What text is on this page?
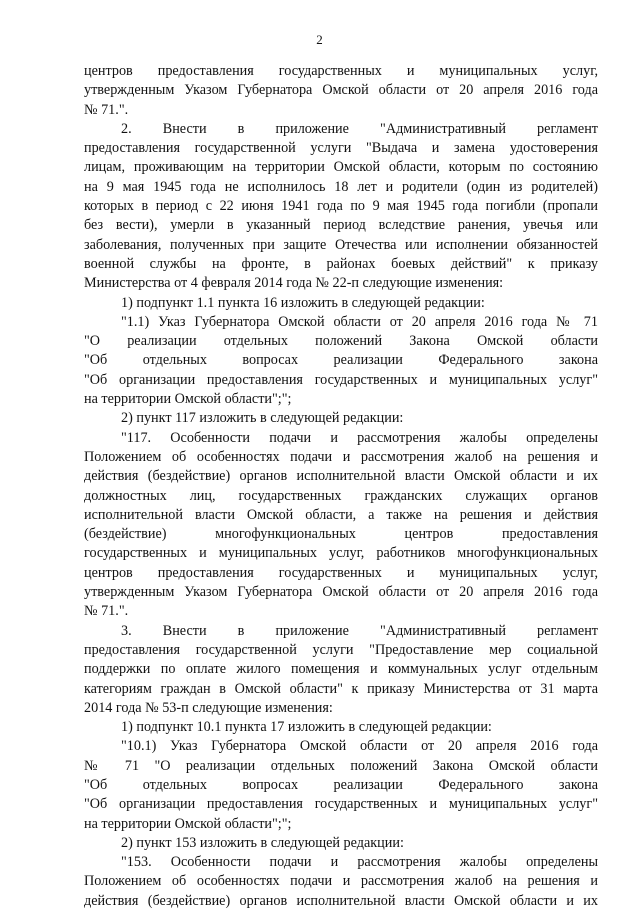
2
центров предоставления государственных и муниципальных услуг,
утвержденным Указом Губернатора Омской области от 20 апреля 2016 года
№ 71.".
2. Внести в приложение "Административный регламент
предоставления государственной услуги "Выдача и замена удостоверения
лицам, проживающим на территории Омской области, которым по состоянию
на 9 мая 1945 года не исполнилось 18 лет и родители (один из родителей)
которых в период с 22 июня 1941 года по 9 мая 1945 года погибли (пропали
без вести), умерли в указанный период вследствие ранения, увечья или
заболевания, полученных при защите Отечества или исполнении обязанностей
военной службы на фронте, в районах боевых действий" к приказу
Министерства от 4 февраля 2014 года № 22-п следующие изменения:
1) подпункт 1.1 пункта 16 изложить в следующей редакции:
"1.1) Указ Губернатора Омской области от 20 апреля 2016 года № 71
"О реализации отдельных положений Закона Омской области
"Об отдельных вопросах реализации Федерального закона
"Об организации предоставления государственных и муниципальных услуг"
на территории Омской области";";
2) пункт 117 изложить в следующей редакции:
"117. Особенности подачи и рассмотрения жалобы определены
Положением об особенностях подачи и рассмотрения жалоб на решения и
действия (бездействие) органов исполнительной власти Омской области и их
должностных лиц, государственных гражданских служащих органов
исполнительной власти Омской области, а также на решения и действия
(бездействие) многофункциональных центров предоставления
государственных и муниципальных услуг, работников многофункциональных
центров предоставления государственных и муниципальных услуг,
утвержденным Указом Губернатора Омской области от 20 апреля 2016 года
№ 71.".
3. Внести в приложение "Административный регламент
предоставления государственной услуги "Предоставление мер социальной
поддержки по оплате жилого помещения и коммунальных услуг отдельным
категориям граждан в Омской области" к приказу Министерства от 31 марта
2014 года № 53-п следующие изменения:
1) подпункт 10.1 пункта 17 изложить в следующей редакции:
"10.1) Указ Губернатора Омской области от 20 апреля 2016 года
№ 71 "О реализации отдельных положений Закона Омской области
"Об отдельных вопросах реализации Федерального закона
"Об организации предоставления государственных и муниципальных услуг"
на территории Омской области";";
2) пункт 153 изложить в следующей редакции:
"153. Особенности подачи и рассмотрения жалобы определены
Положением об особенностях подачи и рассмотрения жалоб на решения и
действия (бездействие) органов исполнительной власти Омской области и их
